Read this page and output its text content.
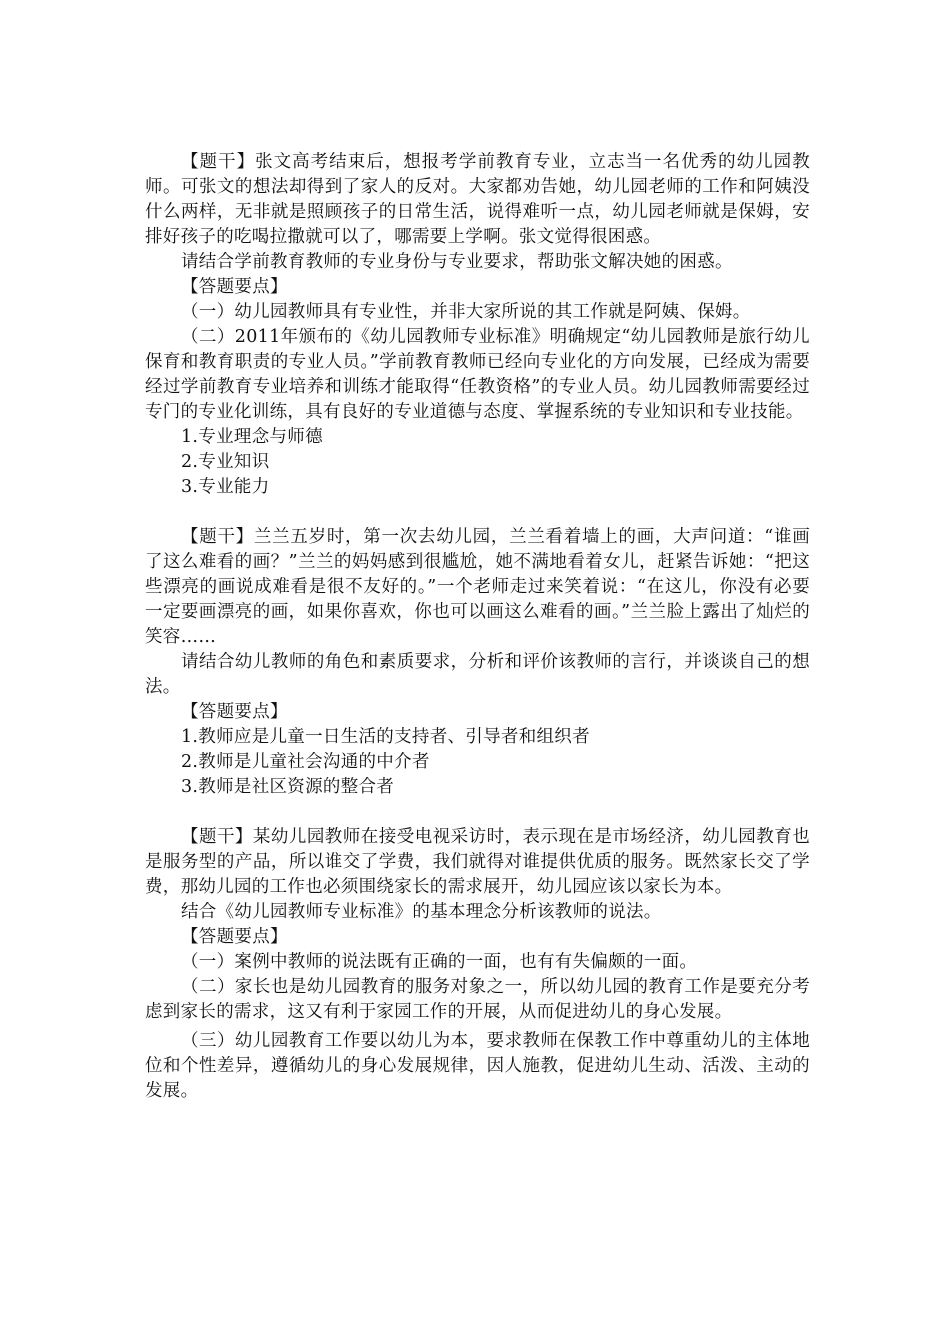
【题干】张文高考结束后，想报考学前教育专业，立志当一名优秀的幼儿园教师。可张文的想法却得到了家人的反对。大家都劝告她，幼儿园老师的工作和阿姨没什么两样，无非就是照顾孩子的日常生活，说得难听一点，幼儿园老师就是保姆，安排好孩子的吃喝拉撒就可以了，哪需要上学啊。张文觉得很困惑。

请结合学前教育教师的专业身份与专业要求，帮助张文解决她的困惑。

【答题要点】

（一）幼儿园教师具有专业性，并非大家所说的其工作就是阿姨、保姆。

（二）2011年颁布的《幼儿园教师专业标准》明确规定“幼儿园教师是旅行幼儿保育和教育职责的专业人员。”学前教育教师已经向专业化的方向发展，已经成为需要经过学前教育专业培养和训练才能取得“任教资格”的专业人员。幼儿园教师需要经过专门的专业化训练，具有良好的专业道德与态度、掌握系统的专业知识和专业技能。

1.专业理念与师德

2.专业知识

3.专业能力

【题干】兰兰五岁时，第一次去幼儿园，兰兰看着墙上的画，大声问道：“谁画了这么难看的画？”兰兰的妈妈感到很尴尬，她不满地看着女儿，赶紧告诉她：“把这些漂亮的画说成难看是很不友好的。”一个老师走过来笑着说：“在这儿，你没有必要一定要画漂亮的画，如果你喜欢，你也可以画这么难看的画。”兰兰脸上露出了灿烂的笑容……

请结合幼儿教师的角色和素质要求，分析和评价该教师的言行，并谈谈自己的想法。

【答题要点】

1.教师应是儿童一日生活的支持者、引导者和组织者

2.教师是儿童社会沟通的中介者

3.教师是社区资源的整合者

【题干】某幼儿园教师在接受电视采访时，表示现在是市场经济，幼儿园教育也是服务型的产品，所以谁交了学费，我们就得对谁提供优质的服务。既然家长交了学费，那幼儿园的工作也必须围绕家长的需求展开，幼儿园应该以家长为本。

结合《幼儿园教师专业标准》的基本理念分析该教师的说法。

【答题要点】

（一）案例中教师的说法既有正确的一面，也有有失偏颇的一面。

（二）家长也是幼儿园教育的服务对象之一，所以幼儿园的教育工作是要充分考虑到家长的需求，这又有利于家园工作的开展，从而促进幼儿的身心发展。

（三）幼儿园教育工作要以幼儿为本，要求教师在保教工作中尊重幼儿的主体地位和个性差异，遵循幼儿的身心发展规律，因人施教，促进幼儿生动、活泼、主动的发展。
